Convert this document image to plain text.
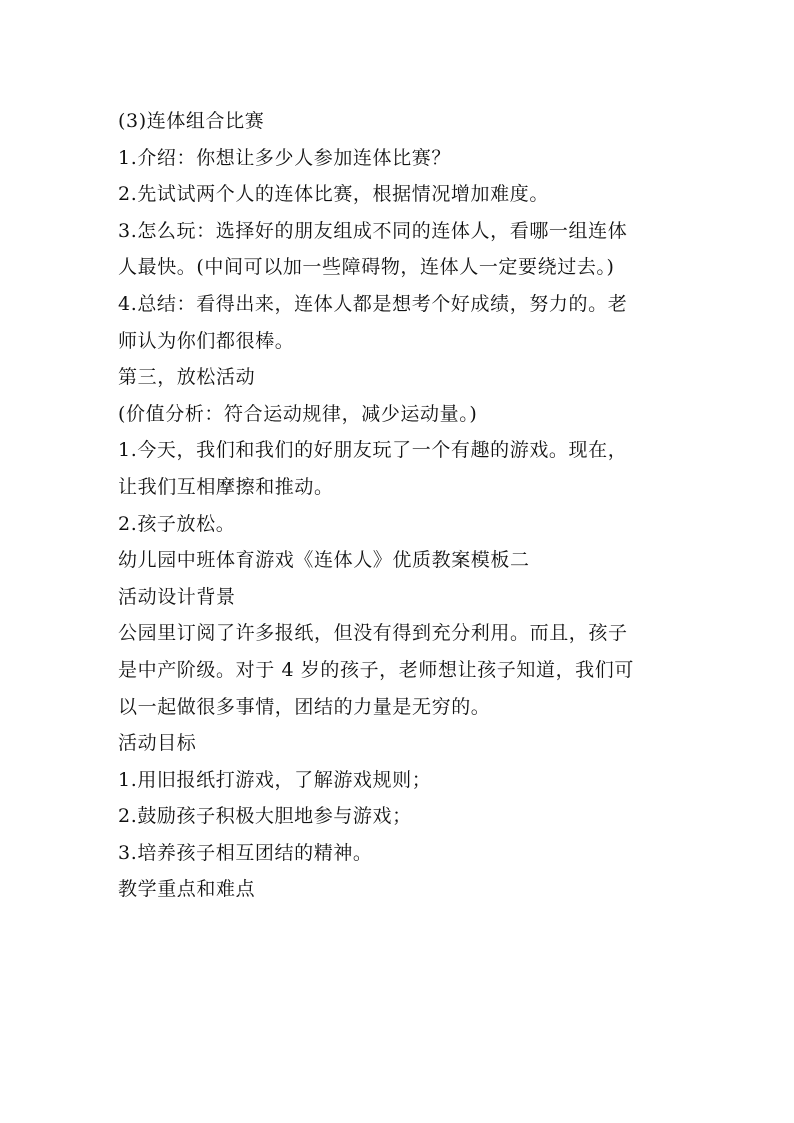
(3)连体组合比赛
1.介绍：你想让多少人参加连体比赛？
2.先试试两个人的连体比赛，根据情况增加难度。
3.怎么玩：选择好的朋友组成不同的连体人，看哪一组连体
人最快。(中间可以加一些障碍物，连体人一定要绕过去。)
4.总结：看得出来，连体人都是想考个好成绩，努力的。老
师认为你们都很棒。
第三，放松活动
(价值分析：符合运动规律，减少运动量。)
1.今天，我们和我们的好朋友玩了一个有趣的游戏。现在，
让我们互相摩擦和推动。
2.孩子放松。
幼儿园中班体育游戏《连体人》优质教案模板二
活动设计背景
公园里订阅了许多报纸，但没有得到充分利用。而且，孩子
是中产阶级。对于 4 岁的孩子，老师想让孩子知道，我们可
以一起做很多事情，团结的力量是无穷的。
活动目标
1.用旧报纸打游戏，了解游戏规则；
2.鼓励孩子积极大胆地参与游戏；
3.培养孩子相互团结的精神。
教学重点和难点
